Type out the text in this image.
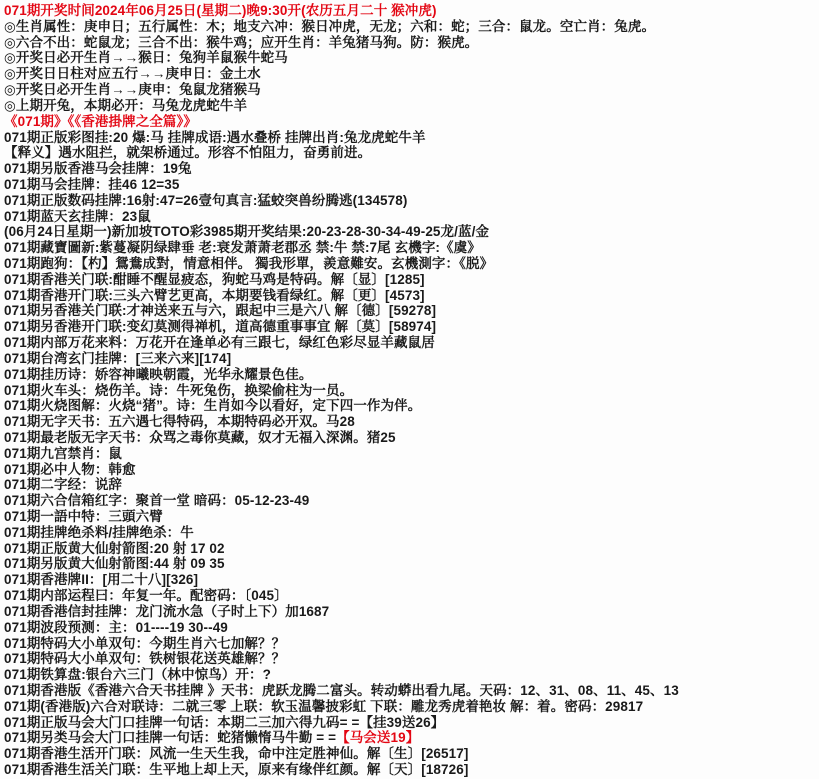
071期开奖时间2024年06月25日(星期二)晚9:30开(农历五月二十 猴冲虎)
◎生肖属性：庚申日；五行属性：木；地支六冲：猴日冲虎，无龙；六和：蛇；三合：鼠龙。空亡肖：兔虎。
◎六合不出：蛇鼠龙；三合不出：猴牛鸡；应开生肖：羊兔猪马狗。防：猴虎。
◎开奖日必开生肖→→猴日：兔狗羊鼠猴牛蛇马
◎开奖日日柱对应五行→→庚申日：金土水
◎开奖日必开生肖→→庚申：兔鼠龙猪猴马
◎上期开兔，本期必开：马兔龙虎蛇牛羊
《071期》《《香港掛牌之全篇》》
071期正版彩图挂:20 爆:马 挂牌成语:遇水叠桥 挂牌出肖:兔龙虎蛇牛羊
【释义】遇水阻拦，就架桥通过。形容不怕阻力，奋勇前进。
071期另版香港马会挂牌：19兔
071期马会挂牌：挂46 12=35
071期正版数码挂牌:16射:47=26壹句真言:猛蛟突兽纷腾逃(134578)
071期蓝天玄挂牌：23鼠
(06月24日星期一)新加坡TOTO彩3985期开奖结果:20-23-28-30-34-49-25龙/蓝/金
071期藏寶圖新:紫蔓凝阴绿肆垂 老:衰发萧萧老郡丞 禁:牛 禁:7尾 玄機字:《虞》
071期跑狗：【杓】鴛鴦成對，情意相伴。 獨我形單，羨意難安。玄機測字：《脱》
071期香港关门联:酣睡不醒显疲态，狗蛇马鸡是特码。解〔显〕[1285]
071期香港开门联:三头六臂艺更高，本期要钱看绿红。解〔更〕[4573]
071期另香港关门联:才神送来五与六，跟起中三是六八 解〔德〕[59278]
071期另香港开门联:变幻莫测得禅机，道高德重事事宜 解〔莫〕[58974]
071期内部万花来料：万花开在逢单必有三跟七，绿红色彩尽显羊藏鼠居
071期台湾玄门挂牌：[三来六来][174]
071期挂历诗：娇容神曦映朝霞，光华永耀景色佳。
071期火车头：烧伤羊。诗：牛死兔伤，换梁偷柱为一员。
071期火烧图解：火烧“猪”。诗：生肖如今以看好，定下四一作为伴。
071期无字天书：五六遇七得特码，本期特码必开双。马28
071期最老版无字天书：众骂之毒你莫藏，奴才无福入深渊。猪25
071期九宫禁肖：鼠
071期必中人物：韩愈
071期二字经：说辞
071期六合信箱红字：聚首一堂 暗码：05-12-23-49
071期一語中特：三頭六臂
071期挂牌绝杀料/挂牌绝杀：牛
071期正版黄大仙射箭图:20 射 17 02
071期另版黄大仙射箭图:44 射 09 35
071期香港牌II：[用二十八][326]
071期内部运程曰：年复一年。配密码：〔045〕
071期香港信封挂牌：龙门流水急（子时上下）加1687
071期波段预测：主：01----19 30--49
071期特码大小单双句：今期生肖六七加解？？
071期特码大小单双句：铁树银花送英雄解？？
071期铁算盘:银台六三门（林中惊鸟）开：?
071期香港版《香港六合天书挂牌 》天书：虎跃龙腾二富头。转动蟒出看九尾。天码：12、31、08、11、45、13
071期(香港版)六合对联诗：二就三零 上联：软玉温馨披彩虹 下联：雕龙秀虎着艳妆 解：着。密码：29817
071期正版马会大门口挂牌一句话：本期二三加六得九码= =【挂39送26】
071期另类马会大门口挂牌一句话：蛇猪懒惰马牛勤 = =【马会送19】
071期香港生活开门联：风流一生天生我，命中注定胜神仙。解〔生〕[26517]
071期香港生活关门联：生平地上却上天，原来有缘伴红颜。解〔天〕[18726]
